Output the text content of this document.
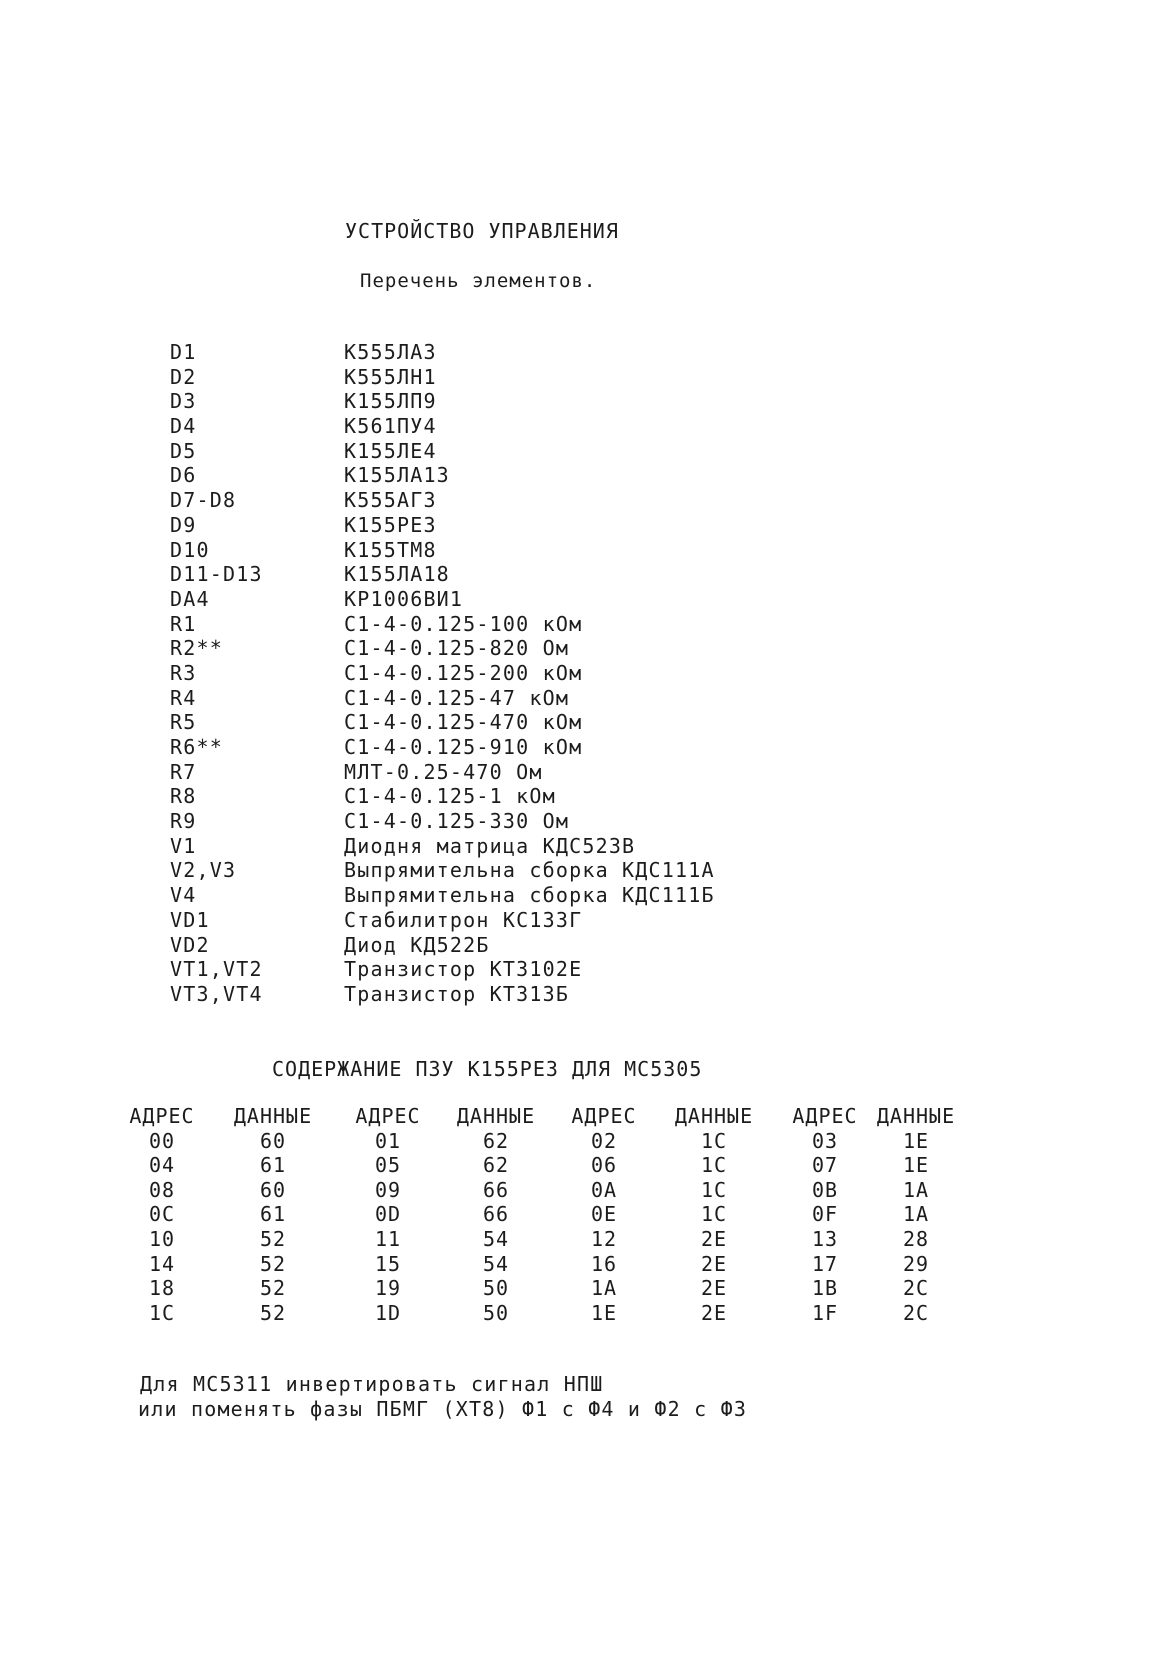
УСТРОЙСТВО УПРАВЛЕНИЯ
Перечень элементов.
D1	К555ЛА3
D2	К555ЛН1
D3	К155ЛП9
D4	К561ПУ4
D5	К155ЛЕ4
D6	К155ЛА13
D7-D8	К555АГ3
D9	К155РЕ3
D10	К155ТМ8
D11-D13	К155ЛА18
DA4	КР1006ВИ1
R1	С1-4-0.125-100 кОм
R2**	С1-4-0.125-820 Ом
R3	С1-4-0.125-200 кОм
R4	С1-4-0.125-47 кОм
R5	С1-4-0.125-470 кОм
R6**	С1-4-0.125-910 кОм
R7	МЛТ-0.25-470 Ом
R8	С1-4-0.125-1 кОм
R9	С1-4-0.125-330 Ом
V1	Диодня матрица КДС523В
V2,V3	Выпрямительна сборка КДС111А
V4	Выпрямительна сборка КДС111Б
VD1	Стабилитрон КС133Г
VD2	Диод КД522Б
VT1,VT2	Транзистор КТ3102Е
VT3,VT4	Транзистор КТ313Б
СОДЕРЖАНИЕ ПЗУ К155РЕ3 ДЛЯ МС5305
АДРЕС	ДАННЫЕ	АДРЕС	ДАННЫЕ	АДРЕС	ДАННЫЕ	АДРЕС	ДАННЫЕ
00	60	01	62	02	1C	03	1E
04	61	05	62	06	1C	07	1E
08	60	09	66	0A	1C	0B	1A
0C	61	0D	66	0E	1C	0F	1A
10	52	11	54	12	2E	13	28
14	52	15	54	16	2E	17	29
18	52	19	50	1A	2E	1B	2C
1C	52	1D	50	1E	2E	1F	2C
Для МС5311 инвертировать сигнал НПШ
или поменять фазы ПБМГ (ХТ8) Ф1 с Ф4 и Ф2 с Ф3
